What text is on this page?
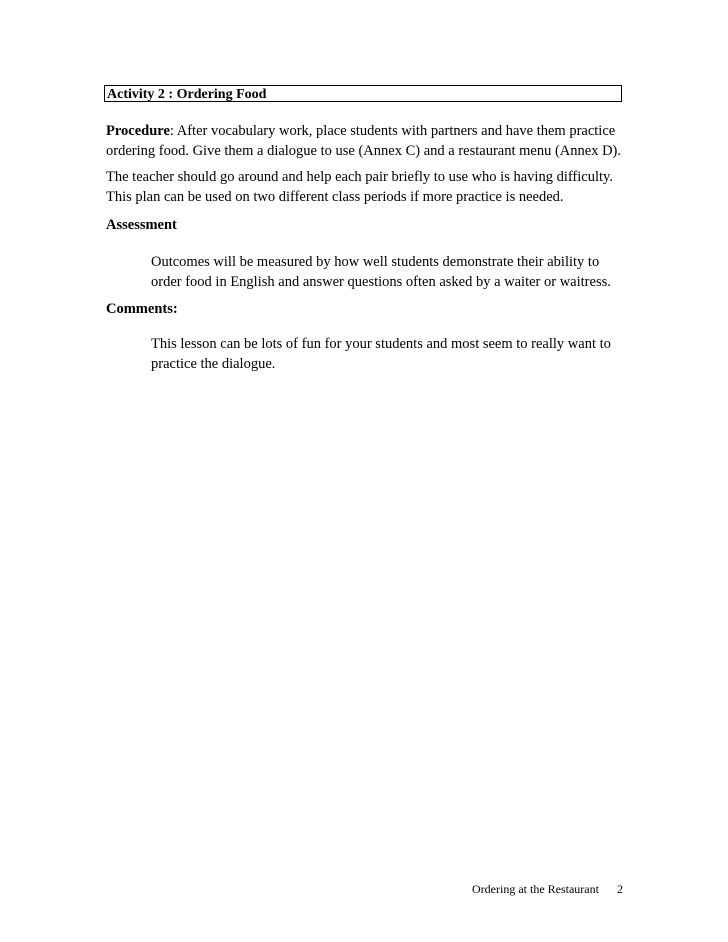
Activity 2 : Ordering Food
Procedure: After vocabulary work, place students with partners and have them practice
ordering food. Give them a dialogue to use (Annex C) and a restaurant menu (Annex D).
The teacher should go around and help each pair briefly to use who is having difficulty.
This plan can be used on two different class periods if more practice is needed.
Assessment
Outcomes will be measured by how well students demonstrate their ability to
order food in English and answer questions often asked by a waiter or waitress.
Comments:
This lesson can be lots of fun for your students and most seem to really want to
practice the dialogue.
Ordering at the Restaurant 2
